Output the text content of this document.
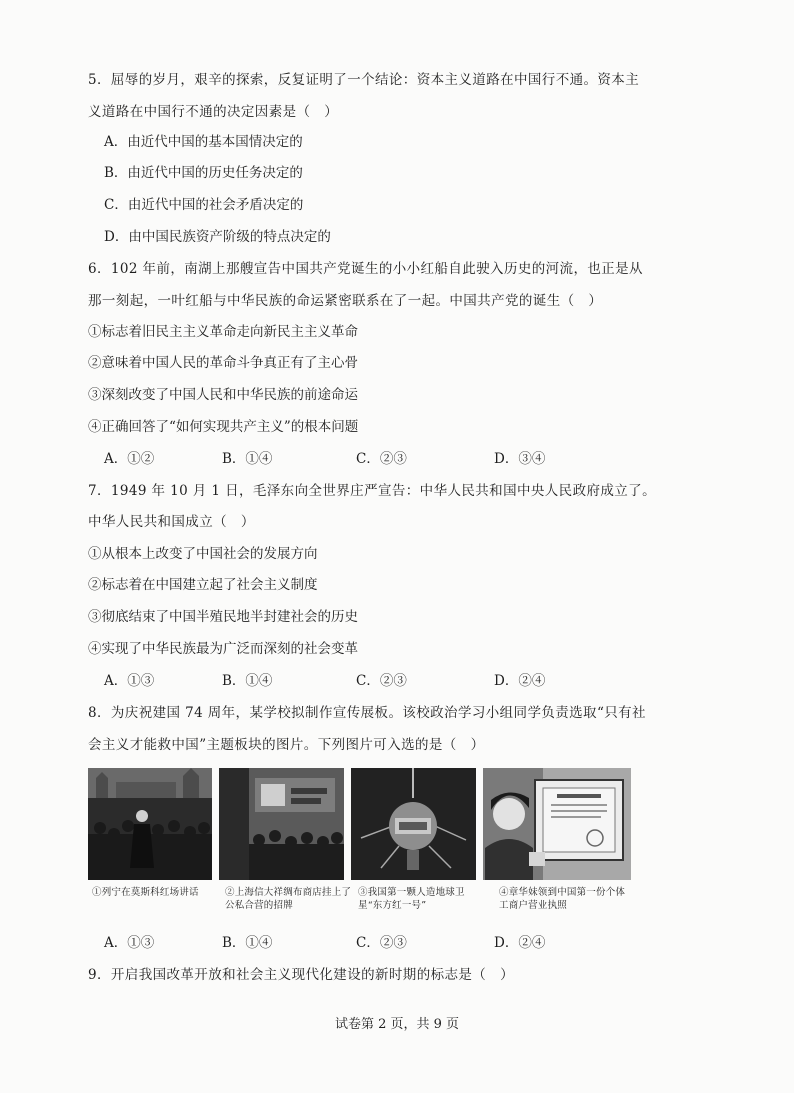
5．屈辱的岁月，艰辛的探索，反复证明了一个结论：资本主义道路在中国行不通。资本主
义道路在中国行不通的决定因素是（　）
A．由近代中国的基本国情决定的
B．由近代中国的历史任务决定的
C．由近代中国的社会矛盾决定的
D．由中国民族资产阶级的特点决定的
6．102 年前，南湖上那艘宣告中国共产党诞生的小小红船自此驶入历史的河流，也正是从
那一刻起，一叶红船与中华民族的命运紧密联系在了一起。中国共产党的诞生（　）
①标志着旧民主主义革命走向新民主主义革命
②意味着中国人民的革命斗争真正有了主心骨
③深刻改变了中国人民和中华民族的前途命运
④正确回答了“如何实现共产主义”的根本问题
A．①②	B．①④	C．②③	D．③④
7．1949 年 10 月 1 日，毛泽东向全世界庄严宣告：中华人民共和国中央人民政府成立了。
中华人民共和国成立（　）
①从根本上改变了中国社会的发展方向
②标志着在中国建立起了社会主义制度
③彻底结束了中国半殖民地半封建社会的历史
④实现了中华民族最为广泛而深刻的社会变革
A．①③	B．①④	C．②③	D．②④
8．为庆祝建国 74 周年，某学校拟制作宣传展板。该校政治学习小组同学负责选取“只有社
会主义才能救中国”主题板块的图片。下列图片可入选的是（　）
①列宁在莫斯科红场讲话	②上海信大祥绸布商店挂上了公私合营的招牌
③我国第一颗人造地球卫星“东方红一号”
④章华妹领到中国第一份个体工商户营业执照
A．①③	B．①④	C．②③	D．②④
9．开启我国改革开放和社会主义现代化建设的新时期的标志是（　）
试卷第 2 页，共 9 页
